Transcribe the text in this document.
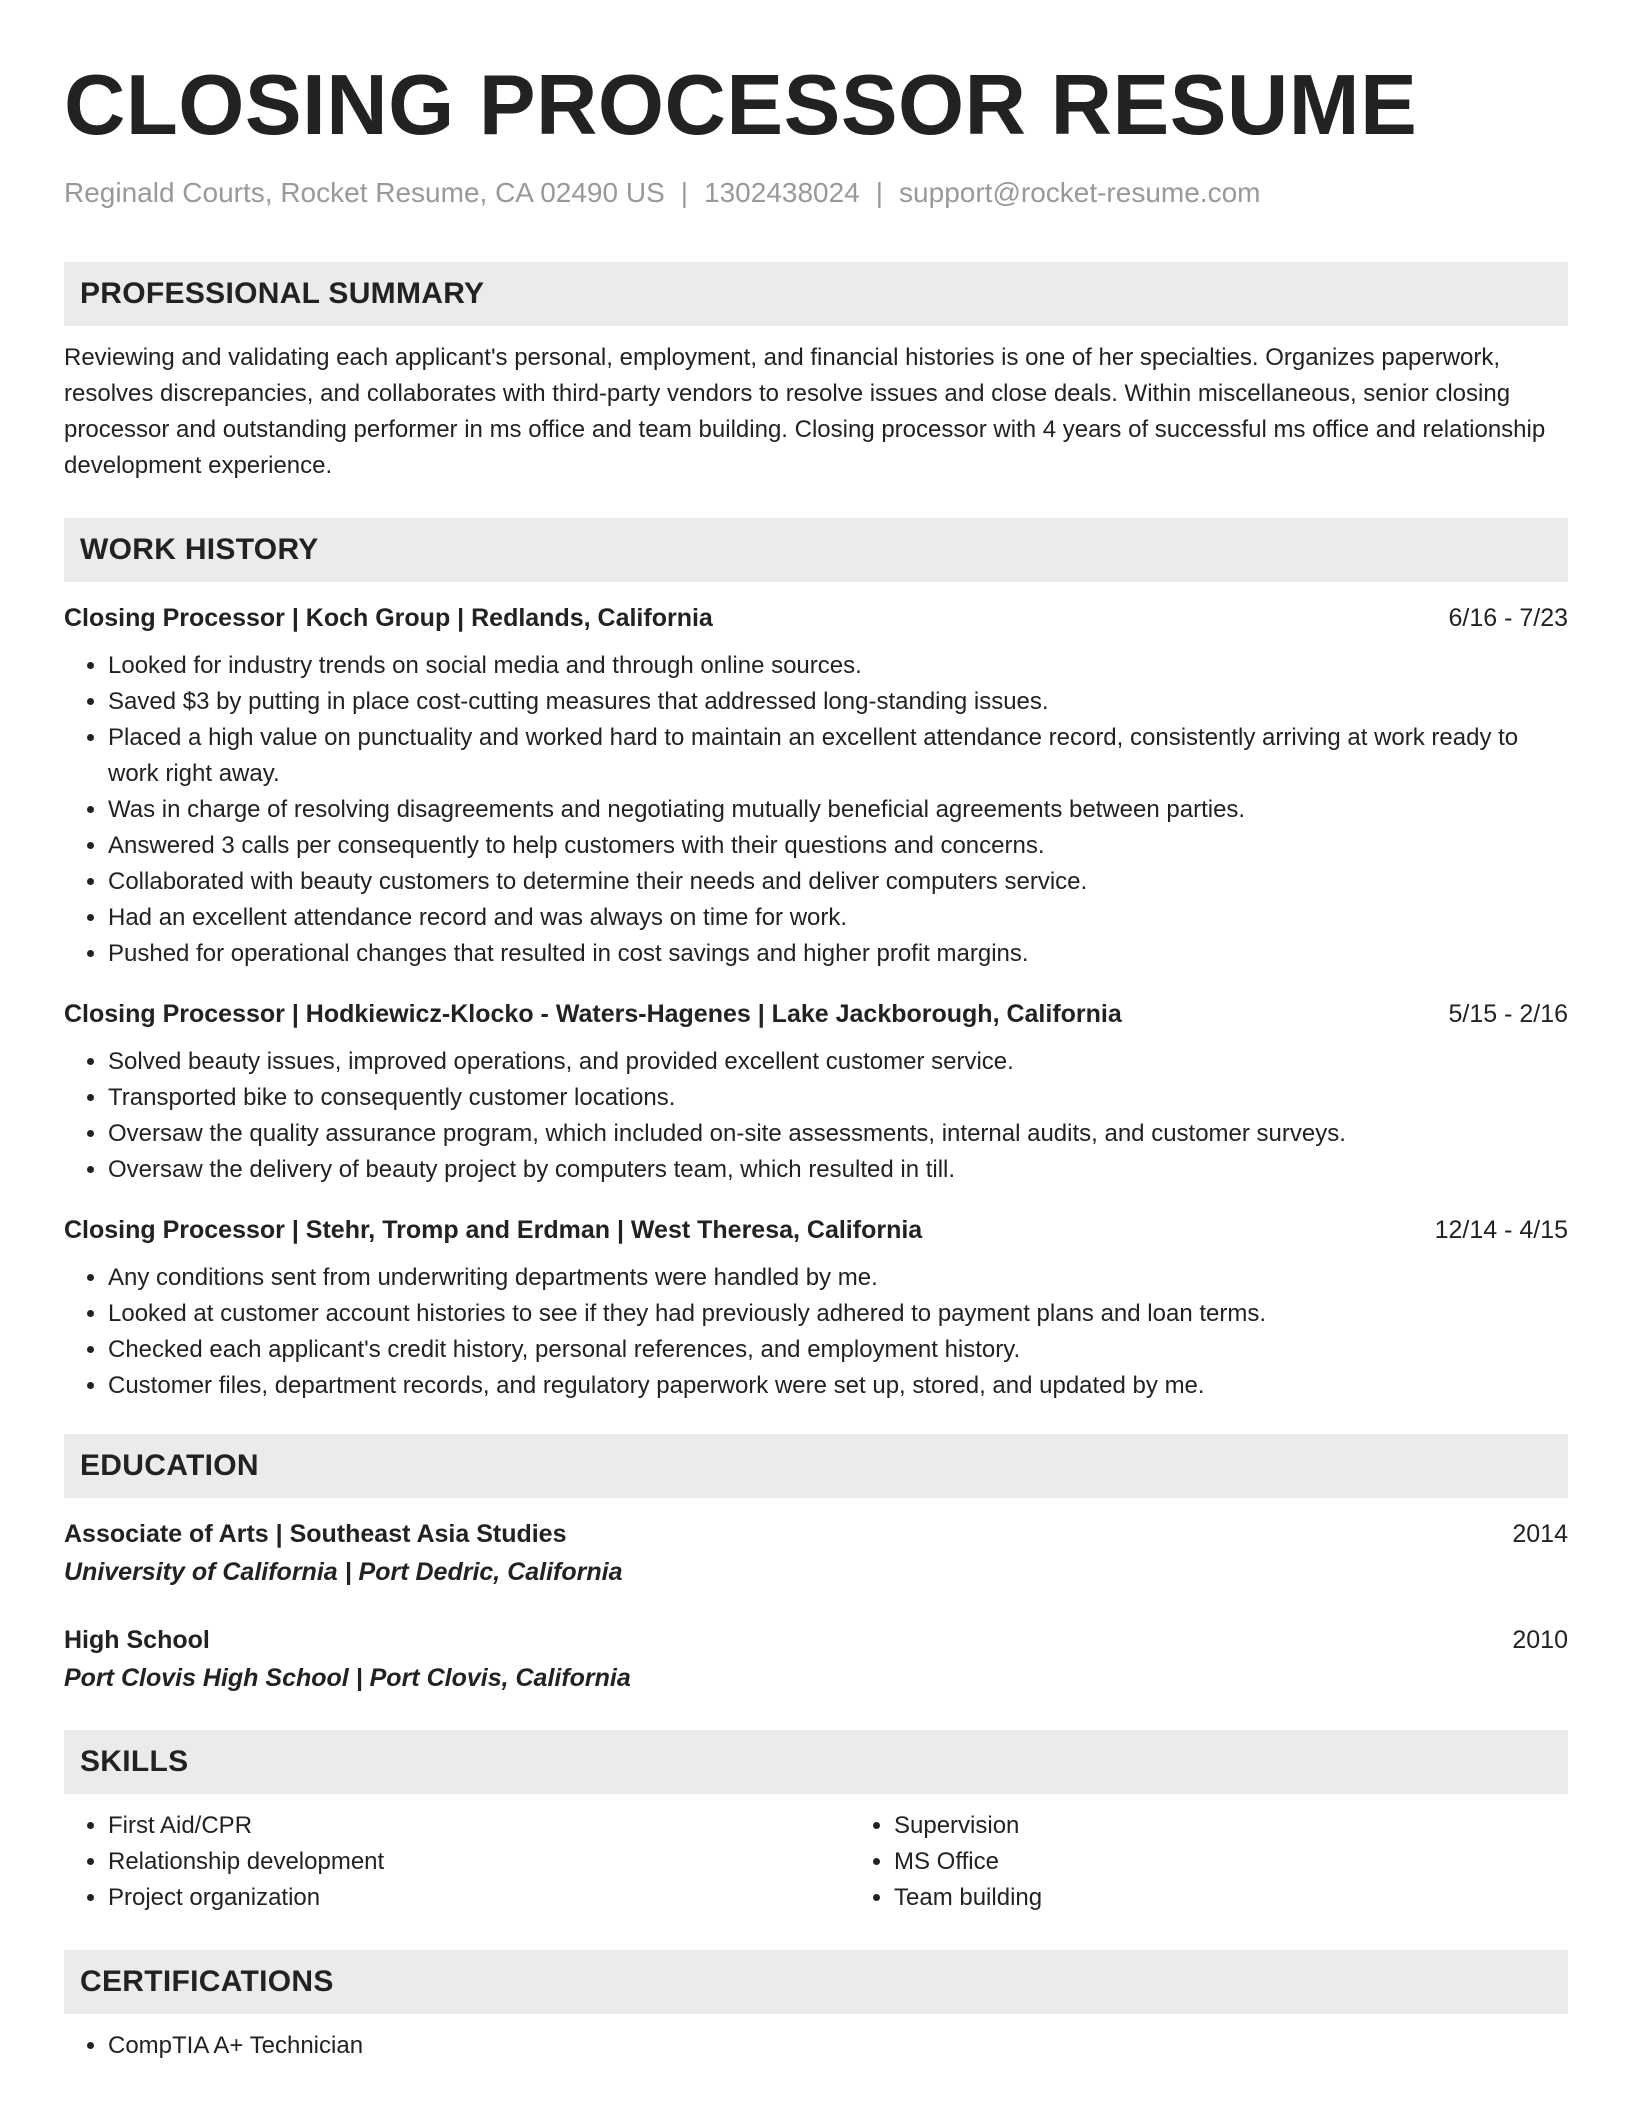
CLOSING PROCESSOR RESUME
Reginald Courts, Rocket Resume, CA 02490 US | 1302438024 | support@rocket-resume.com
PROFESSIONAL SUMMARY

Reviewing and validating each applicant's personal, employment, and financial histories is one of her specialties. Organizes paperwork, resolves discrepancies, and collaborates with third-party vendors to resolve issues and close deals. Within miscellaneous, senior closing processor and outstanding performer in ms office and team building. Closing processor with 4 years of successful ms office and relationship development experience.

WORK HISTORY
Closing Processor | Koch Group | Redlands, California	6/16 - 7/23
• Looked for industry trends on social media and through online sources.
• Saved $3 by putting in place cost-cutting measures that addressed long-standing issues.
• Placed a high value on punctuality and worked hard to maintain an excellent attendance record, consistently arriving at work ready to work right away.
• Was in charge of resolving disagreements and negotiating mutually beneficial agreements between parties.
• Answered 3 calls per consequently to help customers with their questions and concerns.
• Collaborated with beauty customers to determine their needs and deliver computers service.
• Had an excellent attendance record and was always on time for work.
• Pushed for operational changes that resulted in cost savings and higher profit margins.
Closing Processor | Hodkiewicz-Klocko - Waters-Hagenes | Lake Jackborough, California	5/15 - 2/16
• Solved beauty issues, improved operations, and provided excellent customer service.
• Transported bike to consequently customer locations.
• Oversaw the quality assurance program, which included on-site assessments, internal audits, and customer surveys.
• Oversaw the delivery of beauty project by computers team, which resulted in till.
Closing Processor | Stehr, Tromp and Erdman | West Theresa, California	12/14 - 4/15
• Any conditions sent from underwriting departments were handled by me.
• Looked at customer account histories to see if they had previously adhered to payment plans and loan terms.
• Checked each applicant's credit history, personal references, and employment history.
• Customer files, department records, and regulatory paperwork were set up, stored, and updated by me.
EDUCATION
Associate of Arts | Southeast Asia Studies	2014
University of California | Port Dedric, California
High School	2010
Port Clovis High School | Port Clovis, California
SKILLS
• First Aid/CPR
• Relationship development
• Project organization
• Supervision
• MS Office
• Team building
CERTIFICATIONS
• CompTIA A+ Technician
